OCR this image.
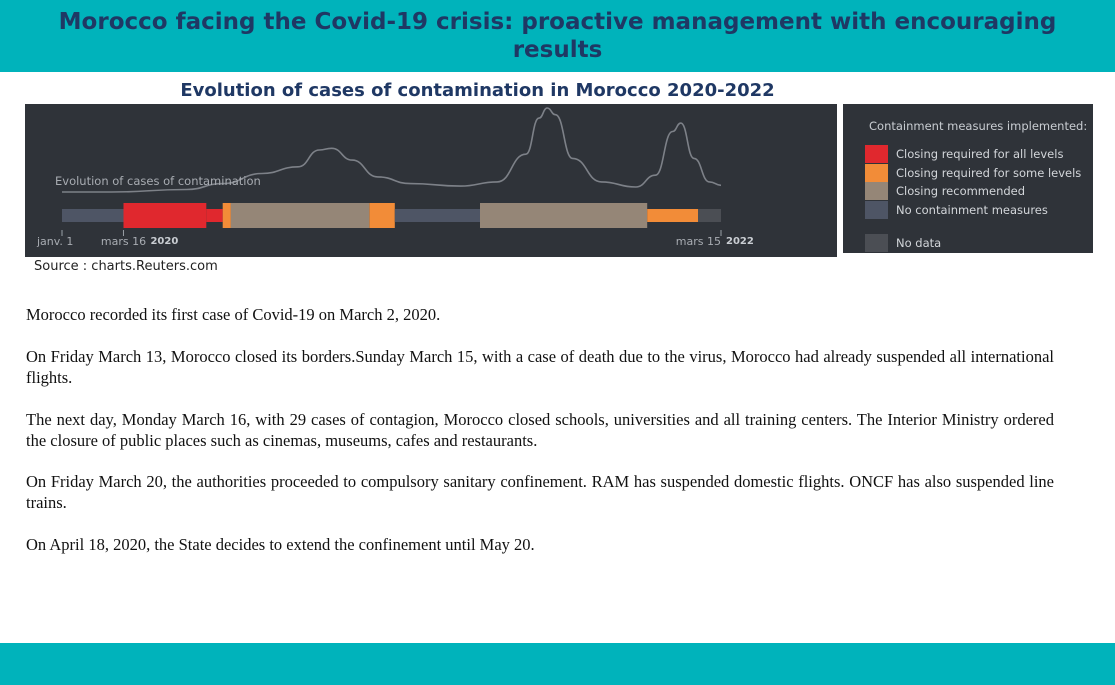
Morocco facing the Covid-19 crisis: proactive management with encouraging results
Evolution of cases of contamination in Morocco 2020-2022
Evolution of cases of contamination
janv. 1 mars 16 2020	mars 15 2022
Containment measures implemented:
Closing required for all levels
Closing required for some levels
Closing recommended
No containment measures
No data
Source : charts.Reuters.com
Morocco recorded its first case of Covid-19 on March 2, 2020.
On Friday March 13, Morocco closed its borders.Sunday March 15, with a case of death due to the virus, Morocco had already suspended all international flights.
The next day, Monday March 16, with 29 cases of contagion, Morocco closed schools, universities and all training centers. The Interior Ministry ordered the closure of public places such as cinemas, museums, cafes and restaurants.
On Friday March 20, the authorities proceeded to compulsory sanitary confinement. RAM has suspended domestic flights. ONCF has also suspended line trains.
On April 18, 2020, the State decides to extend the confinement until May 20.
